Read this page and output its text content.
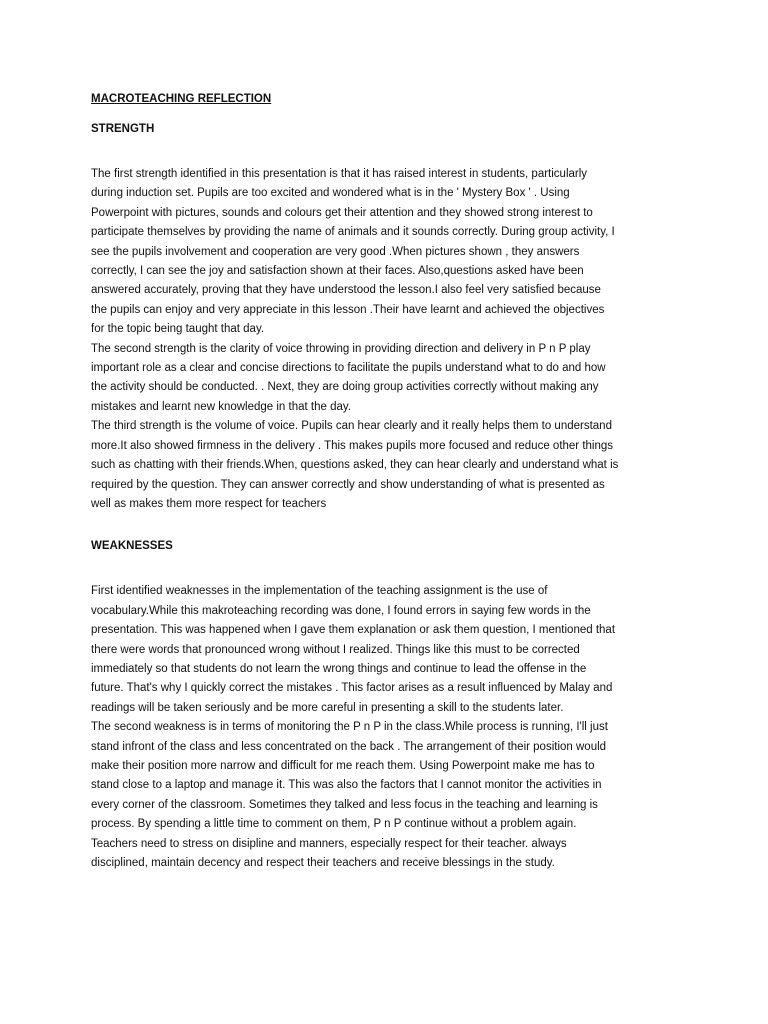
MACROTEACHING REFLECTION

STRENGTH

The first strength identified in this presentation is that it has raised interest in students, particularly
during induction set. Pupils are too excited and wondered what is in the ' Mystery Box ' . Using
Powerpoint with pictures, sounds and colours get their attention and they showed strong interest to
participate themselves by providing the name of animals and it sounds correctly. During group activity, I
see the pupils involvement and cooperation are very good .When pictures shown , they answers
correctly, I can see the joy and satisfaction shown at their faces. Also,questions asked have been
answered accurately, proving that they have understood the lesson.I also feel very satisfied because
the pupils can enjoy and very appreciate in this lesson .Their have learnt and achieved the objectives
for the topic being taught that day.
The second strength is the clarity of voice throwing in providing direction and delivery in P n P play
important role as a clear and concise directions to facilitate the pupils understand what to do and how
the activity should be conducted. . Next, they are doing group activities correctly without making any
mistakes and learnt new knowledge in that the day.
The third strength is the volume of voice. Pupils can hear clearly and it really helps them to understand
more.It also showed firmness in the delivery . This makes pupils more focused and reduce other things
such as chatting with their friends.When, questions asked, they can hear clearly and understand what is
required by the question. They can answer correctly and show understanding of what is presented as
well as makes them more respect for teachers

WEAKNESSES

First identified weaknesses in the implementation of the teaching assignment is the use of
vocabulary.While this makroteaching recording was done, I found errors in saying few words in the
presentation. This was happened when I gave them explanation or ask them question, I mentioned that
there were words that pronounced wrong without I realized. Things like this must to be corrected
immediately so that students do not learn the wrong things and continue to lead the offense in the
future. That's why I quickly correct the mistakes . This factor arises as a result influenced by Malay and
readings will be taken seriously and be more careful in presenting a skill to the students later.
The second weakness is in terms of monitoring the P n P in the class.While process is running, I'll just
stand infront of the class and less concentrated on the back . The arrangement of their position would
make their position more narrow and difficult for me reach them. Using Powerpoint make me has to
stand close to a laptop and manage it. This was also the factors that I cannot monitor the activities in
every corner of the classroom. Sometimes they talked and less focus in the teaching and learning is
process. By spending a little time to comment on them, P n P continue without a problem again.
Teachers need to stress on disipline and manners, especially respect for their teacher. always
disciplined, maintain decency and respect their teachers and receive blessings in the study.
